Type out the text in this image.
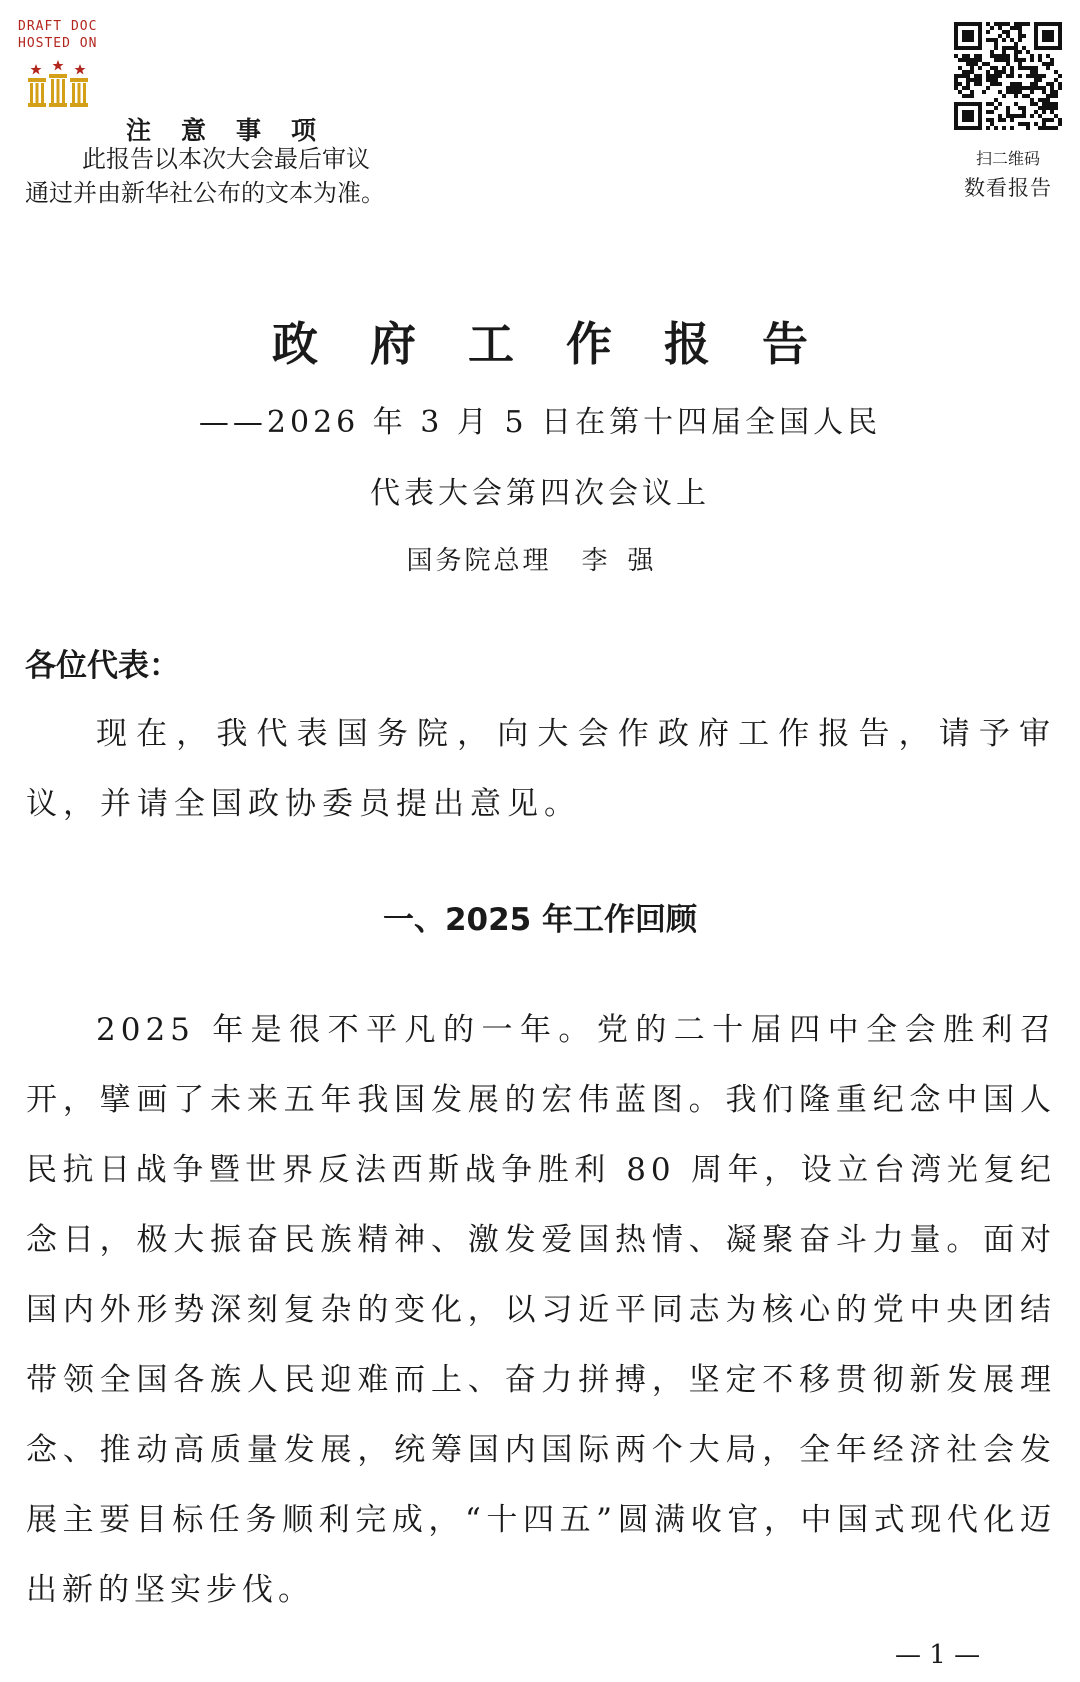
DRAFT DOC
HOSTED ON
注意事项
此报告以本次大会最后审议
通过并由新华社公布的文本为准。
扫二维码
数看报告
政府工作报告
——2026 年 3 月 5 日在第十四届全国人民
代表大会第四次会议上
国务院总理 李强
各位代表：
现在，我代表国务院，向大会作政府工作报告，请予审议，并请全国政协委员提出意见。
一、2025 年工作回顾
2025 年是很不平凡的一年。党的二十届四中全会胜利召开，擘画了未来五年我国发展的宏伟蓝图。我们隆重纪念中国人民抗日战争暨世界反法西斯战争胜利 80 周年，设立台湾光复纪念日，极大振奋民族精神、激发爱国热情、凝聚奋斗力量。面对国内外形势深刻复杂的变化，以习近平同志为核心的党中央团结带领全国各族人民迎难而上、奋力拼搏，坚定不移贯彻新发展理念、推动高质量发展，统筹国内国际两个大局，全年经济社会发展主要目标任务顺利完成，“十四五”圆满收官，中国式现代化迈出新的坚实步伐。
— 1 —
